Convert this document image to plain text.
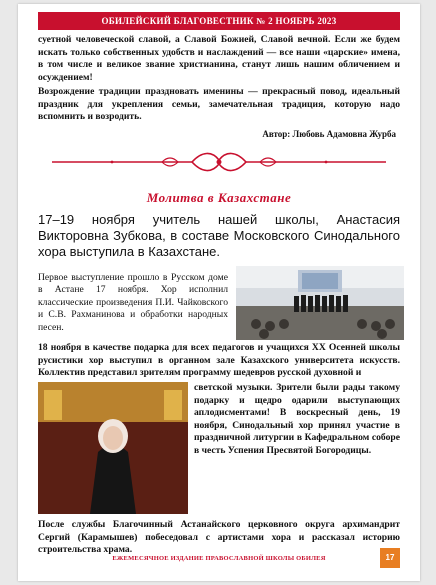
ОБИЛЕЙСКИЙ БЛАГОВЕСТНИК № 2 НОЯБРЬ 2023
суетной человеческой славой, а Славой Божией, Славой вечной. Если же будем искать только собственных удобств и наслаждений — все наши «царские» имена, в том числе и великое звание христианина, станут лишь нашим обличением и осуждением!
Возрождение традиции праздновать именины — прекрасный повод, идеальный праздник для укрепления семьи, замечательная традиция, которую надо вспомнить и возродить.
Автор: Любовь Адамовна Журба
Молитва в Казахстане
17–19 ноября учитель нашей школы, Анастасия Викторовна Зубкова, в составе Московского Синодального хора выступила в Казахстане.
Первое выступление прошло в Русском доме в Астане 17 ноября. Хор исполнил классические произведения П.И. Чайковского и С.В. Рахманинова и обработки народных песен.
18 ноября в качестве подарка для всех педагогов и учащихся XX Осенней школы русистики хор выступил в органном зале Казахского университета искусств. Коллектив представил зрителям программу шедевров русской духовной и
светской музыки. Зрители были рады такому подарку и щедро одарили выступающих аплодисментами! В воскресный день, 19 ноября, Синодальный хор принял участие в праздничной литургии в Кафедральном соборе в честь Успения Пресвятой Богородицы.
После службы Благочинный Астанайского церковного округа архимандрит Сергий (Карамышев) побеседовал с артистами хора и рассказал историю строительства храма.
ЕЖЕМЕСЯЧНОЕ ИЗДАНИЕ ПРАВОСЛАВНОЙ ШКОЛЫ ОБИЛЕЯ	17
